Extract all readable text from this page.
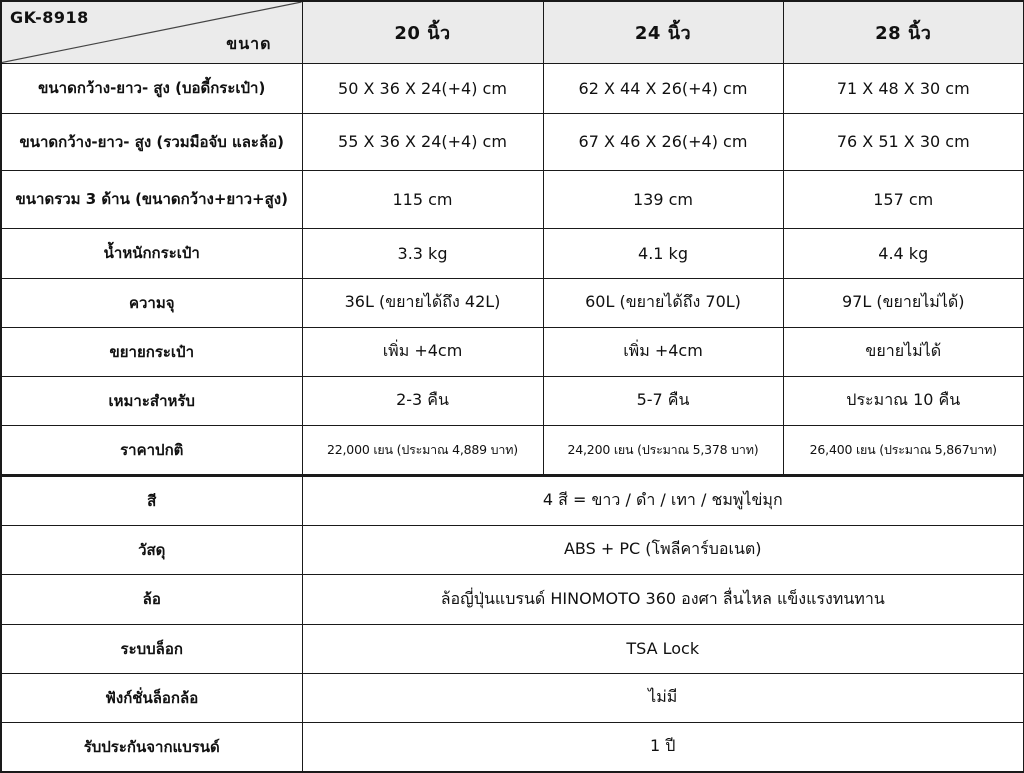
GK-8918
ขนาด	20 นิ้ว	24 นิ้ว	28 นิ้ว
ขนาดกว้าง-ยาว- สูง (บอดี้กระเป๋า)	50 X 36 X 24(+4) cm	62 X 44 X 26(+4) cm	71 X 48 X 30 cm
ขนาดกว้าง-ยาว- สูง (รวมมือจับ และล้อ)	55 X 36 X 24(+4) cm	67 X 46 X 26(+4) cm	76 X 51 X 30 cm
ขนาดรวม 3 ด้าน (ขนาดกว้าง+ยาว+สูง)	115 cm	139 cm	157 cm
น้ำหนักกระเป๋า	3.3 kg	4.1 kg	4.4 kg
ความจุ	36L (ขยายได้ถึง 42L)	60L (ขยายได้ถึง 70L)	97L (ขยายไม่ได้)
ขยายกระเป๋า	เพิ่ม +4cm	เพิ่ม +4cm	ขยายไม่ได้
เหมาะสำหรับ	2-3 คืน	5-7 คืน	ประมาณ 10 คืน
ราคาปกติ	22,000 เยน (ประมาณ 4,889 บาท)	24,200 เยน (ประมาณ 5,378 บาท)	26,400 เยน (ประมาณ 5,867บาท)
สี	4 สี = ขาว / ดำ / เทา / ชมพูไข่มุก		
วัสดุ	ABS + PC (โพลีคาร์บอเนต)		
ล้อ	ล้อญี่ปุ่นแบรนด์ HINOMOTO 360 องศา ลื่นไหล แข็งแรงทนทาน		
ระบบล็อก	TSA Lock		
ฟังก์ชั่นล็อกล้อ	ไม่มี		
รับประกันจากแบรนด์	1 ปี		
